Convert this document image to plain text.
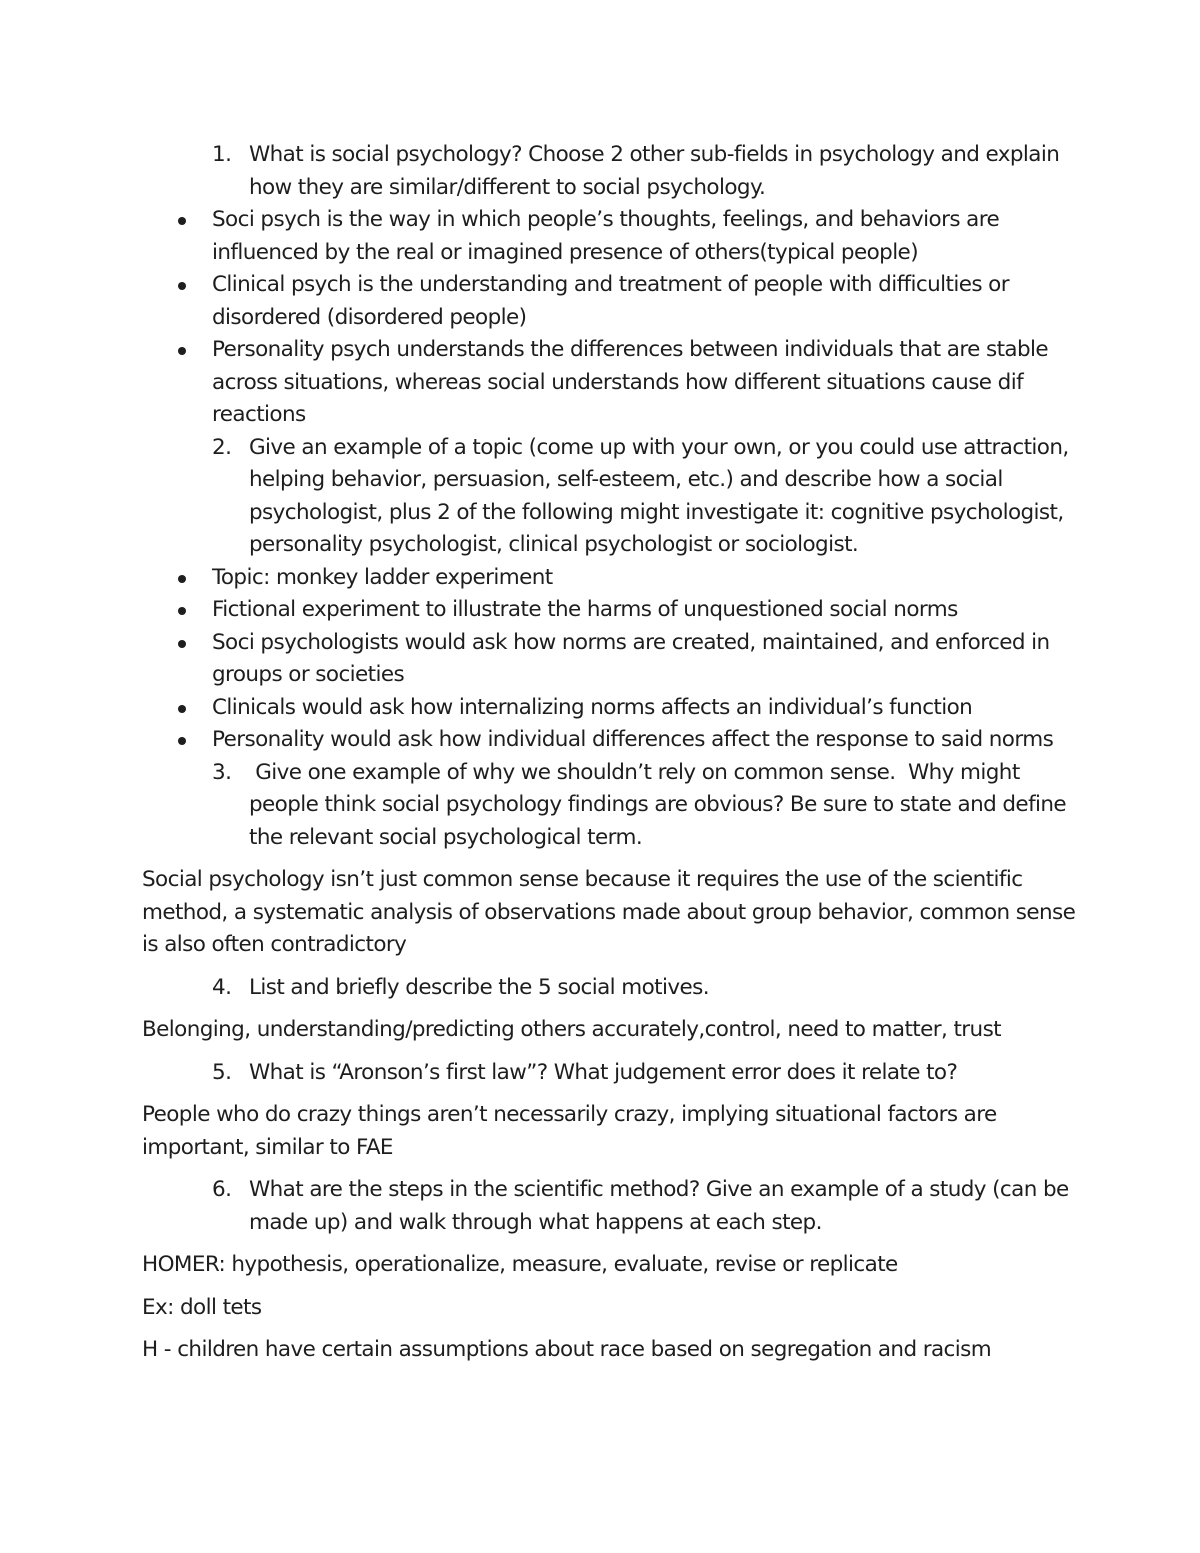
1. What is social psychology? Choose 2 other sub-fields in psychology and explain
how they are similar/different to social psychology.
Soci psych is the way in which people’s thoughts, feelings, and behaviors are
influenced by the real or imagined presence of others(typical people)
Clinical psych is the understanding and treatment of people with difficulties or
disordered (disordered people)
Personality psych understands the differences between individuals that are stable
across situations, whereas social understands how different situations cause dif
reactions
2. Give an example of a topic (come up with your own, or you could use attraction,
helping behavior, persuasion, self-esteem, etc.) and describe how a social
psychologist, plus 2 of the following might investigate it: cognitive psychologist,
personality psychologist, clinical psychologist or sociologist.
Topic: monkey ladder experiment
Fictional experiment to illustrate the harms of unquestioned social norms
Soci psychologists would ask how norms are created, maintained, and enforced in
groups or societies
Clinicals would ask how internalizing norms affects an individual’s function
Personality would ask how individual differences affect the response to said norms
3. Give one example of why we shouldn’t rely on common sense.  Why might
people think social psychology findings are obvious? Be sure to state and define
the relevant social psychological term.
Social psychology isn’t just common sense because it requires the use of the scientific
method, a systematic analysis of observations made about group behavior, common sense
is also often contradictory
4. List and briefly describe the 5 social motives.
Belonging, understanding/predicting others accurately,control, need to matter, trust
5. What is “Aronson’s first law”? What judgement error does it relate to?
People who do crazy things aren’t necessarily crazy, implying situational factors are
important, similar to FAE
6. What are the steps in the scientific method? Give an example of a study (can be
made up) and walk through what happens at each step.
HOMER: hypothesis, operationalize, measure, evaluate, revise or replicate
Ex: doll tets
H - children have certain assumptions about race based on segregation and racism
